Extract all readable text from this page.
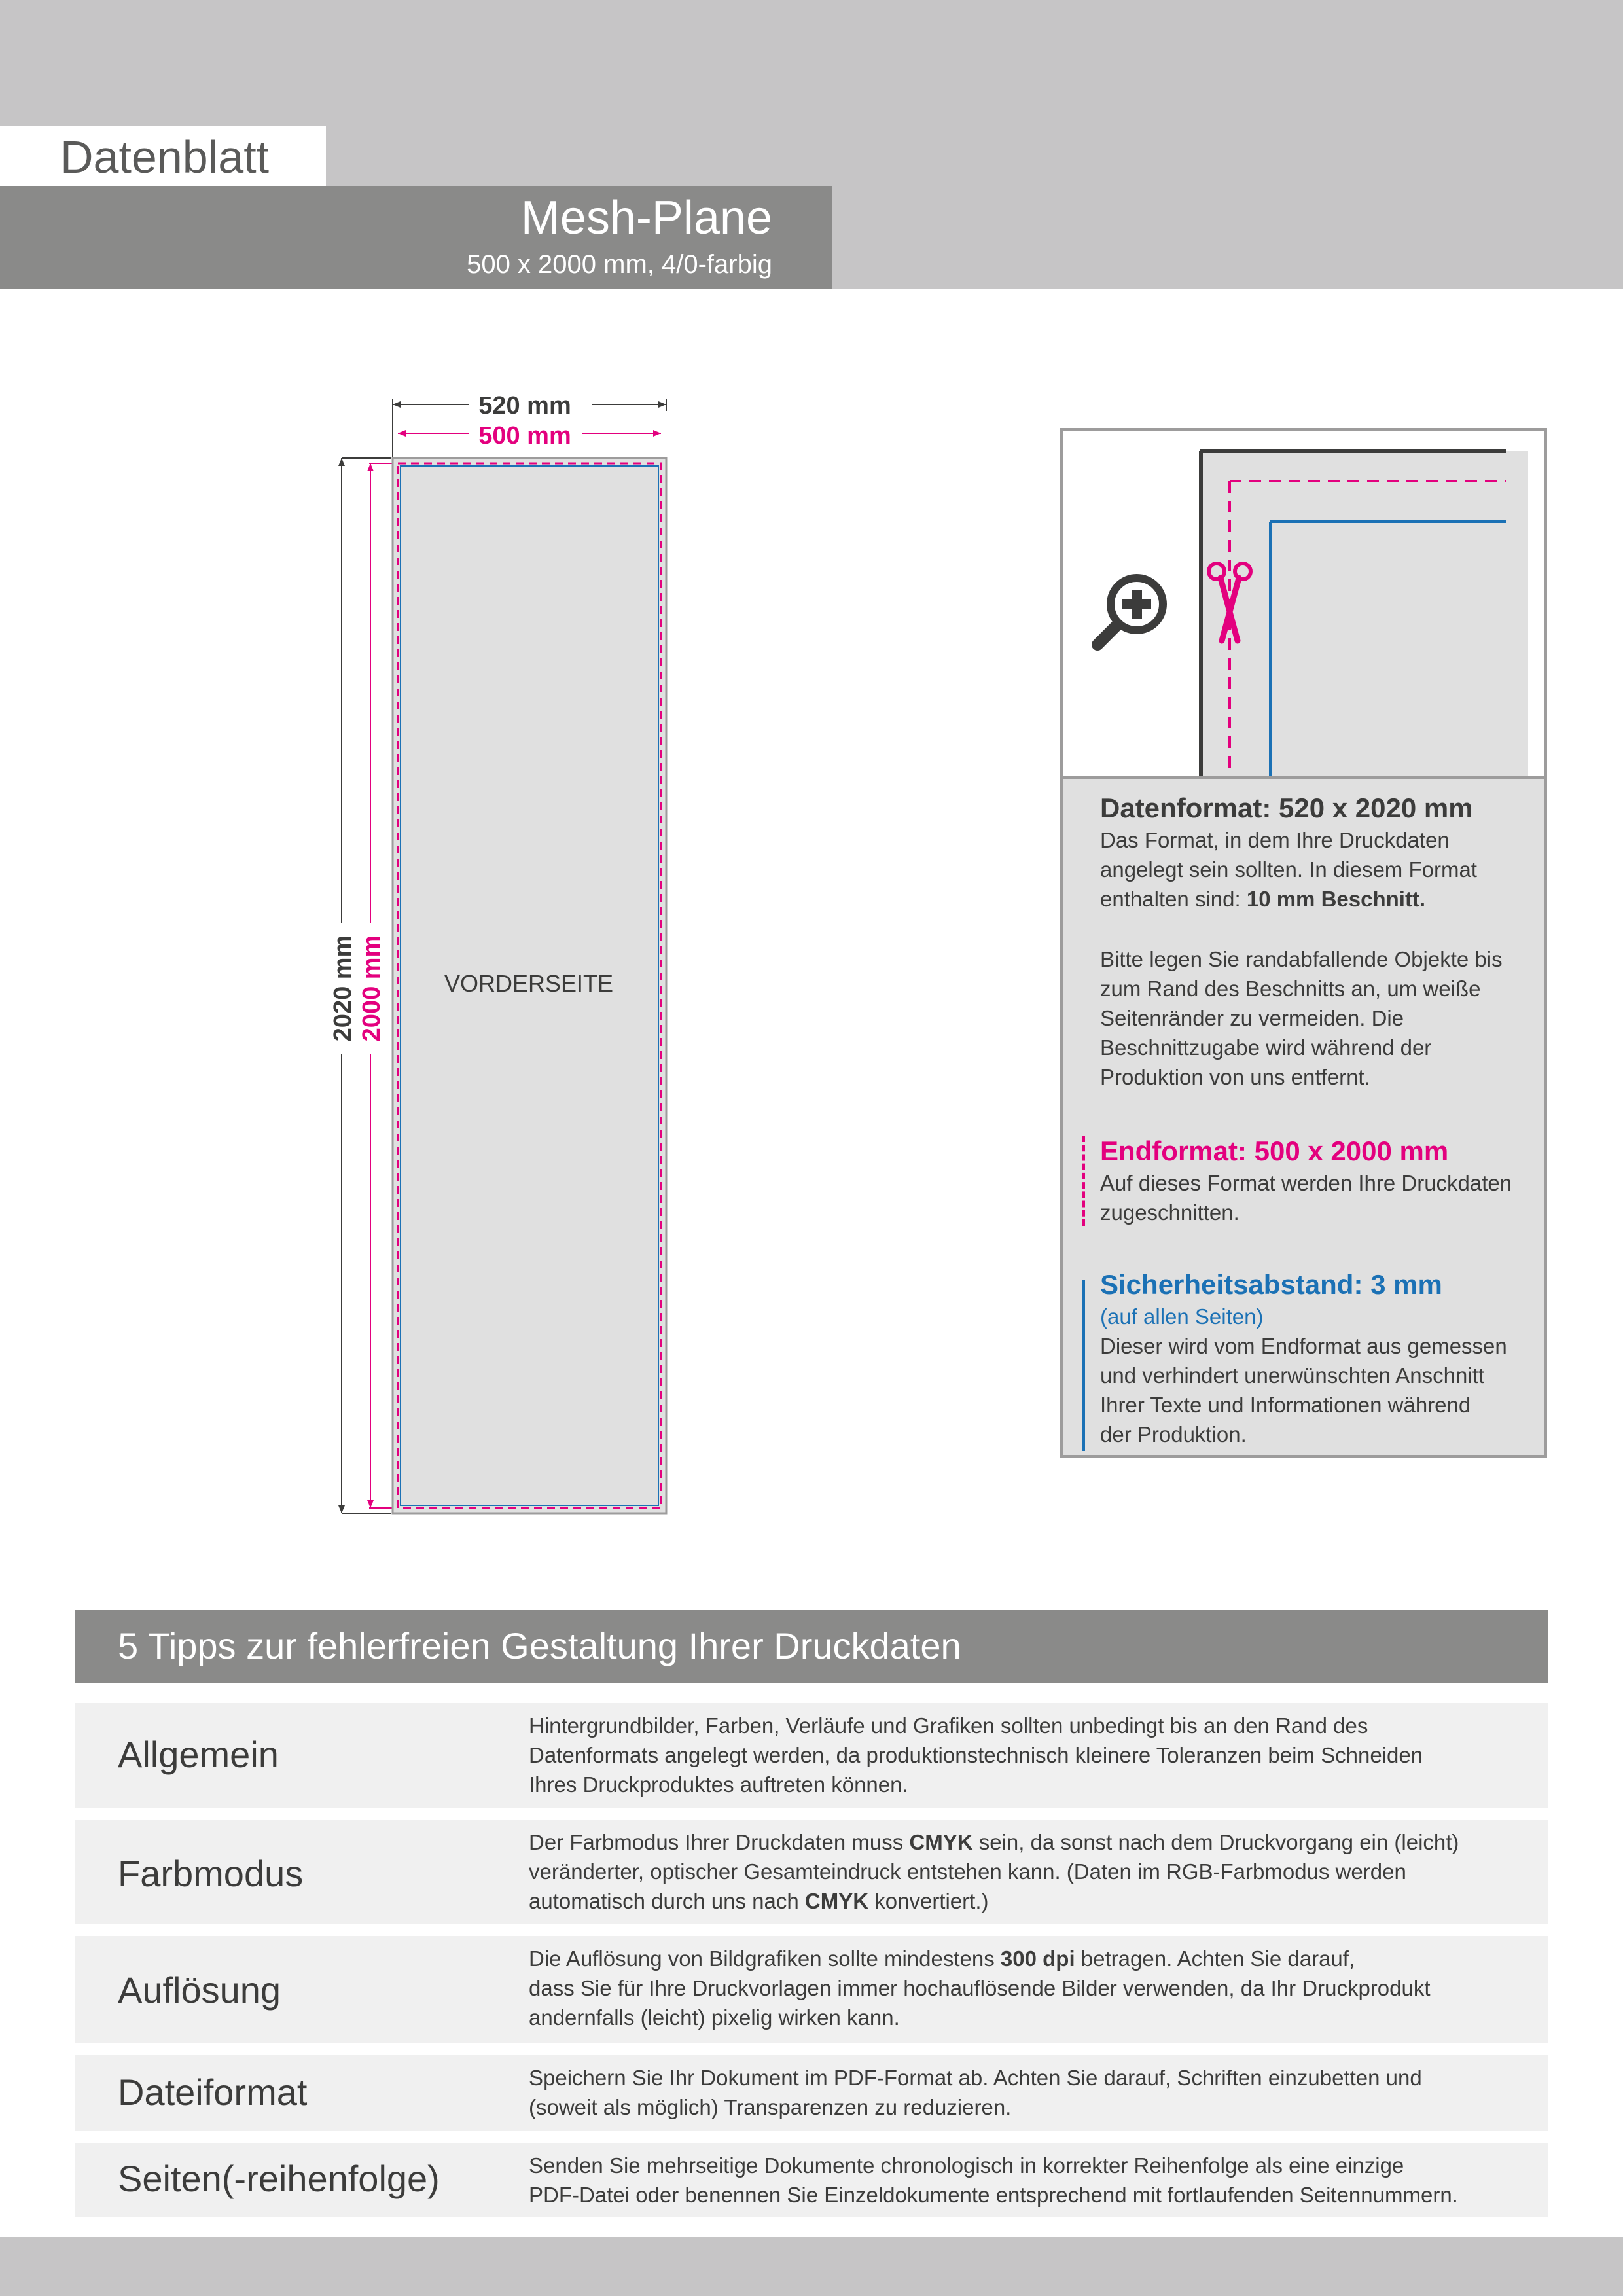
Datenblatt
Mesh-Plane
500 x 2000 mm, 4/0-farbig
520 mm
500 mm
2020 mm 2000 mm VORDERSEITE
Datenformat: 520 x 2020 mm
Das Format, in dem Ihre Druckdaten
angelegt sein sollten. In diesem Format
enthalten sind: 10 mm Beschnitt.
Bitte legen Sie randabfallende Objekte bis
zum Rand des Beschnitts an, um weiße
Seitenränder zu vermeiden. Die
Beschnittzugabe wird während der
Produktion von uns entfernt.
Endformat: 500 x 2000 mm
Auf dieses Format werden Ihre Druckdaten
zugeschnitten.
Sicherheitsabstand: 3 mm
(auf allen Seiten)
Dieser wird vom Endformat aus gemessen
und verhindert unerwünschten Anschnitt
Ihrer Texte und Informationen während
der Produktion.
5 Tipps zur fehlerfreien Gestaltung Ihrer Druckdaten
Allgemein
Hintergrundbilder, Farben, Verläufe und Grafiken sollten unbedingt bis an den Rand des
Datenformats angelegt werden, da produktionstechnisch kleinere Toleranzen beim Schneiden
Ihres Druckproduktes auftreten können.
Farbmodus
Der Farbmodus Ihrer Druckdaten muss CMYK sein, da sonst nach dem Druckvorgang ein (leicht)
veränderter, optischer Gesamteindruck entstehen kann. (Daten im RGB-Farbmodus werden
automatisch durch uns nach CMYK konvertiert.)
Auflösung
Die Auflösung von Bildgrafiken sollte mindestens 300 dpi betragen. Achten Sie darauf,
dass Sie für Ihre Druckvorlagen immer hochauflösende Bilder verwenden, da Ihr Druckprodukt
andernfalls (leicht) pixelig wirken kann.
Dateiformat	Speichern Sie Ihr Dokument im PDF-Format ab. Achten Sie darauf, Schriften einzubetten und
(soweit als möglich) Transparenzen zu reduzieren.
Seiten(-reihenfolge)	Senden Sie mehrseitige Dokumente chronologisch in korrekter Reihenfolge als eine einzige
PDF-Datei oder benennen Sie Einzeldokumente entsprechend mit fortlaufenden Seitennummern.
